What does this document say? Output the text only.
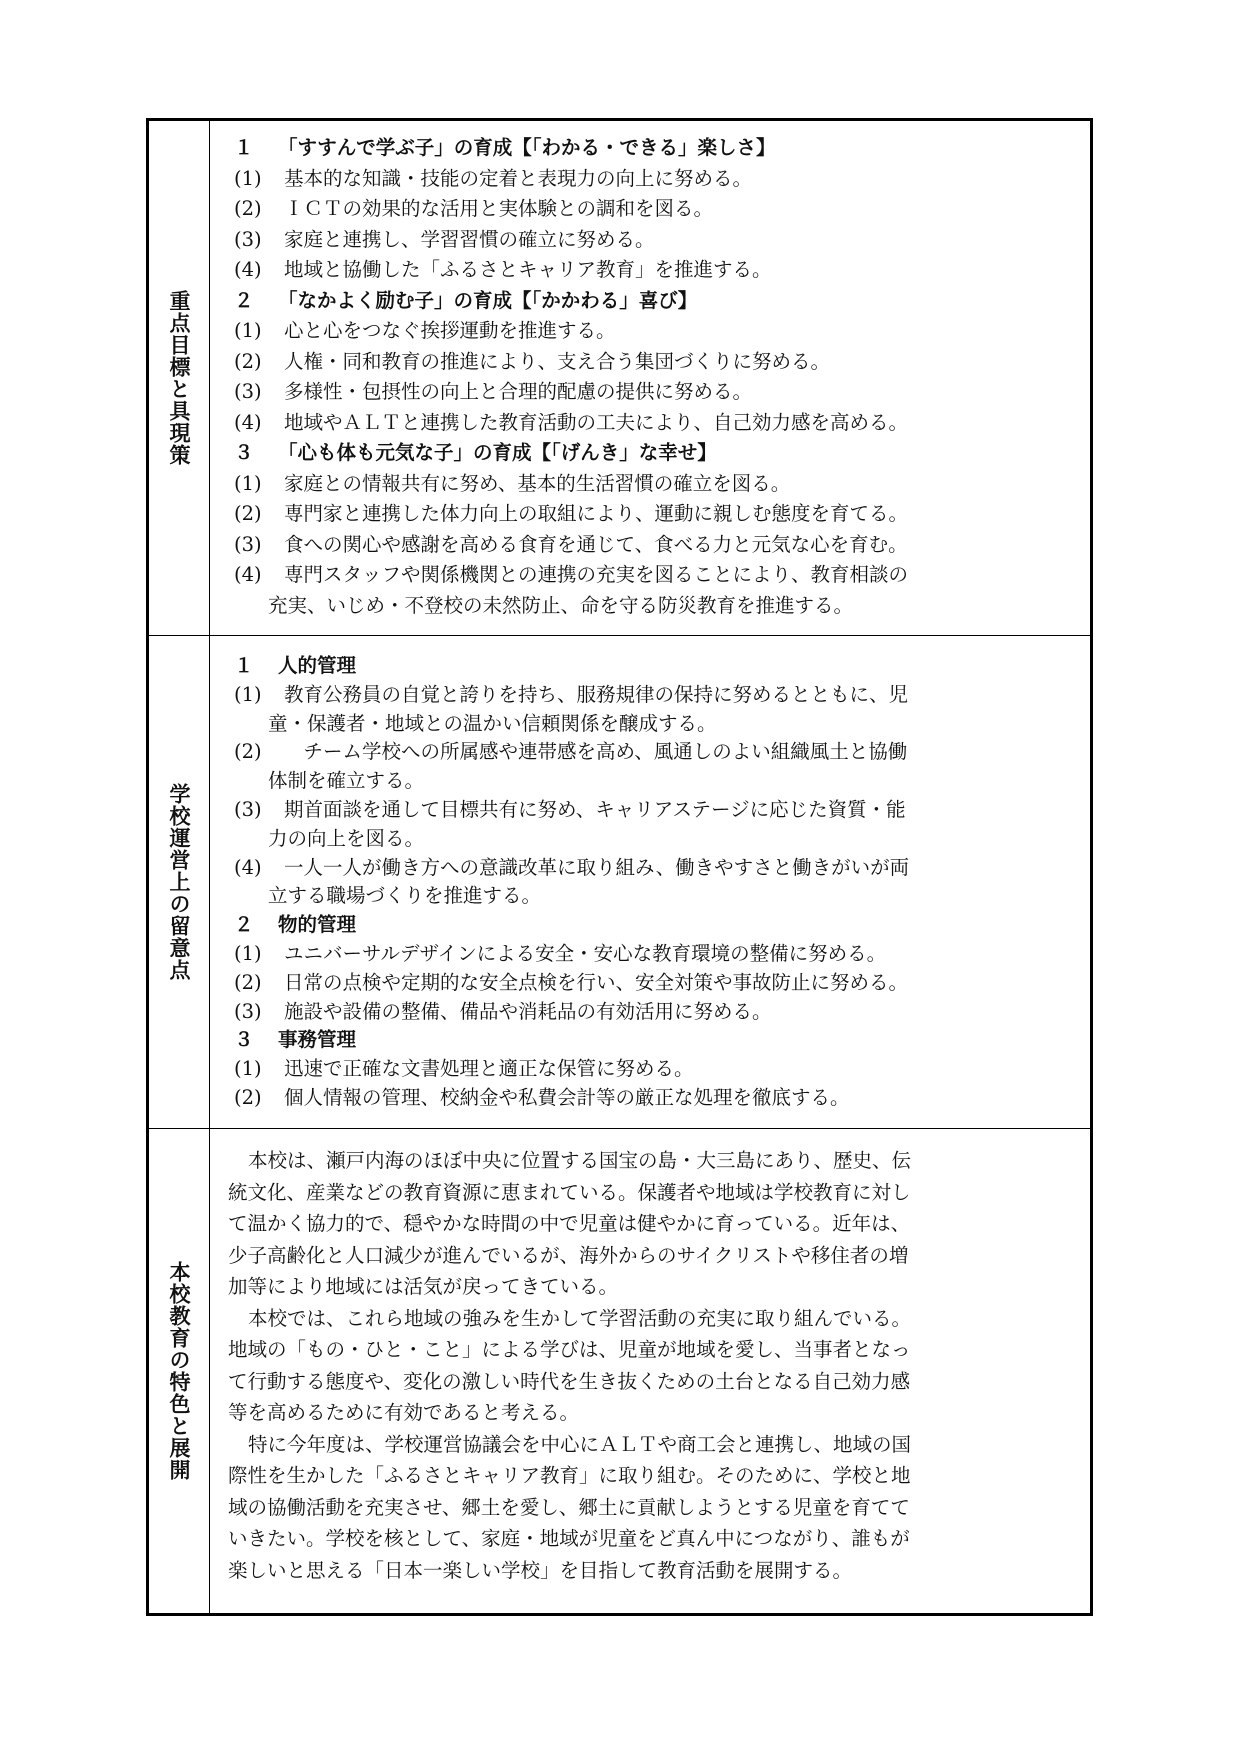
重点目標と具現策
１ 「すすんで学ぶ子」の育成【「わかる・できる」楽しさ】
(1) 基本的な知識・技能の定着と表現力の向上に努める。
(2) ＩＣＴの効果的な活用と実体験との調和を図る。
(3) 家庭と連携し、学習習慣の確立に努める。
(4) 地域と協働した「ふるさとキャリア教育」を推進する。
２ 「なかよく励む子」の育成【「かかわる」喜び】
(1) 心と心をつなぐ挨拶運動を推進する。
(2) 人権・同和教育の推進により、支え合う集団づくりに努める。
(3) 多様性・包摂性の向上と合理的配慮の提供に努める。
(4) 地域やＡＬＴと連携した教育活動の工夫により、自己効力感を高める。
３ 「心も体も元気な子」の育成【「げんき」な幸せ】
(1) 家庭との情報共有に努め、基本的生活習慣の確立を図る。
(2) 専門家と連携した体力向上の取組により、運動に親しむ態度を育てる。
(3) 食への関心や感謝を高める食育を通じて、食べる力と元気な心を育む。
(4) 専門スタッフや関係機関との連携の充実を図ることにより、教育相談の
充実、いじめ・不登校の未然防止、命を守る防災教育を推進する。
学校運営上の留意点
１ 人的管理
(1) 教育公務員の自覚と誇りを持ち、服務規律の保持に努めるとともに、児
童・保護者・地域との温かい信頼関係を醸成する。
(2) 　チーム学校への所属感や連帯感を高め、風通しのよい組織風土と協働
体制を確立する。
(3) 期首面談を通して目標共有に努め、キャリアステージに応じた資質・能
力の向上を図る。
(4) 一人一人が働き方への意識改革に取り組み、働きやすさと働きがいが両
立する職場づくりを推進する。
２ 物的管理
(1) ユニバーサルデザインによる安全・安心な教育環境の整備に努める。
(2) 日常の点検や定期的な安全点検を行い、安全対策や事故防止に努める。
(3) 施設や設備の整備、備品や消耗品の有効活用に努める。
３ 事務管理
(1) 迅速で正確な文書処理と適正な保管に努める。
(2) 個人情報の管理、校納金や私費会計等の厳正な処理を徹底する。
本校教育の特色と展開
本校は、瀬戸内海のほぼ中央に位置する国宝の島・大三島にあり、歴史、伝
統文化、産業などの教育資源に恵まれている。保護者や地域は学校教育に対し
て温かく協力的で、穏やかな時間の中で児童は健やかに育っている。近年は、
少子高齢化と人口減少が進んでいるが、海外からのサイクリストや移住者の増
加等により地域には活気が戻ってきている。
本校では、これら地域の強みを生かして学習活動の充実に取り組んでいる。
地域の「もの・ひと・こと」による学びは、児童が地域を愛し、当事者となっ
て行動する態度や、変化の激しい時代を生き抜くための土台となる自己効力感
等を高めるために有効であると考える。
特に今年度は、学校運営協議会を中心にＡＬＴや商工会と連携し、地域の国
際性を生かした「ふるさとキャリア教育」に取り組む。そのために、学校と地
域の協働活動を充実させ、郷土を愛し、郷土に貢献しようとする児童を育てて
いきたい。学校を核として、家庭・地域が児童をど真ん中につながり、誰もが
楽しいと思える「日本一楽しい学校」を目指して教育活動を展開する。
